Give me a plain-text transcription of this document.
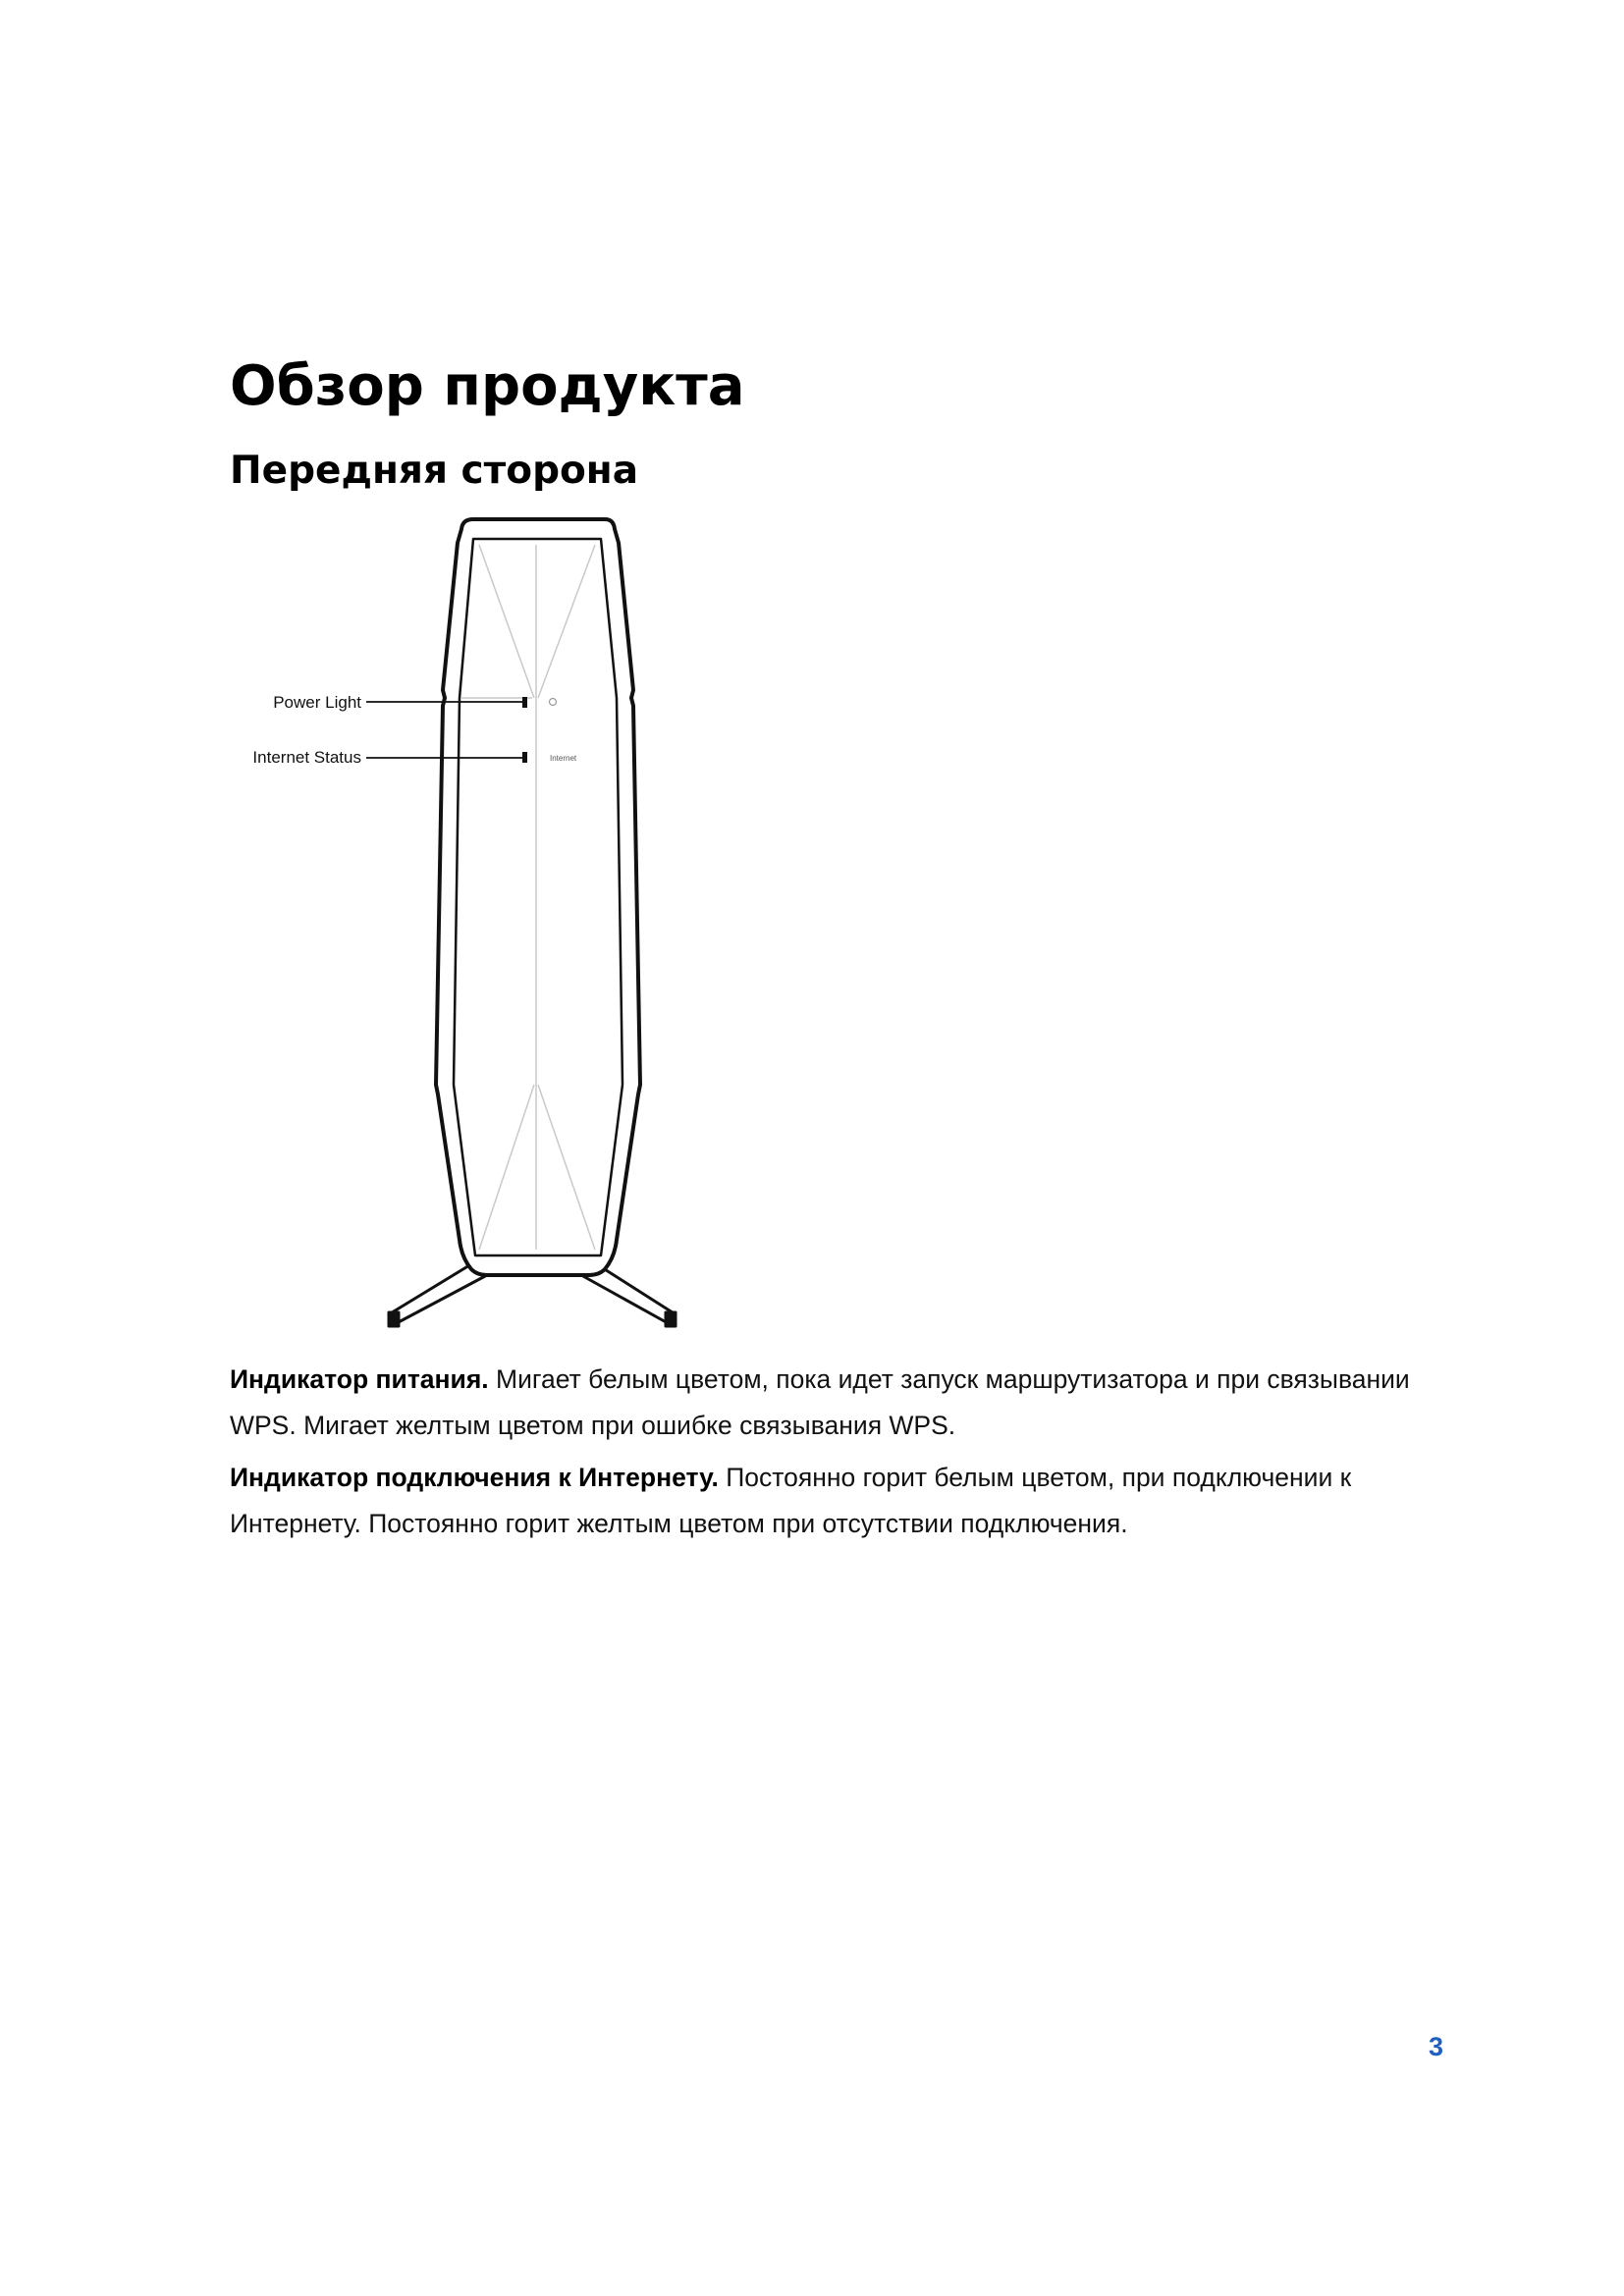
Обзор продукта
Передняя сторона
Power Light
Internet Status	Internet

Индикатор питания. Мигает белым цветом, пока идет запуск маршрутизатора и при связывании WPS. Мигает желтым цветом при ошибке связывания WPS.

Индикатор подключения к Интернету. Постоянно горит белым цветом, при подключении к Интернету. Постоянно горит желтым цветом при отсутствии подключения.

3
